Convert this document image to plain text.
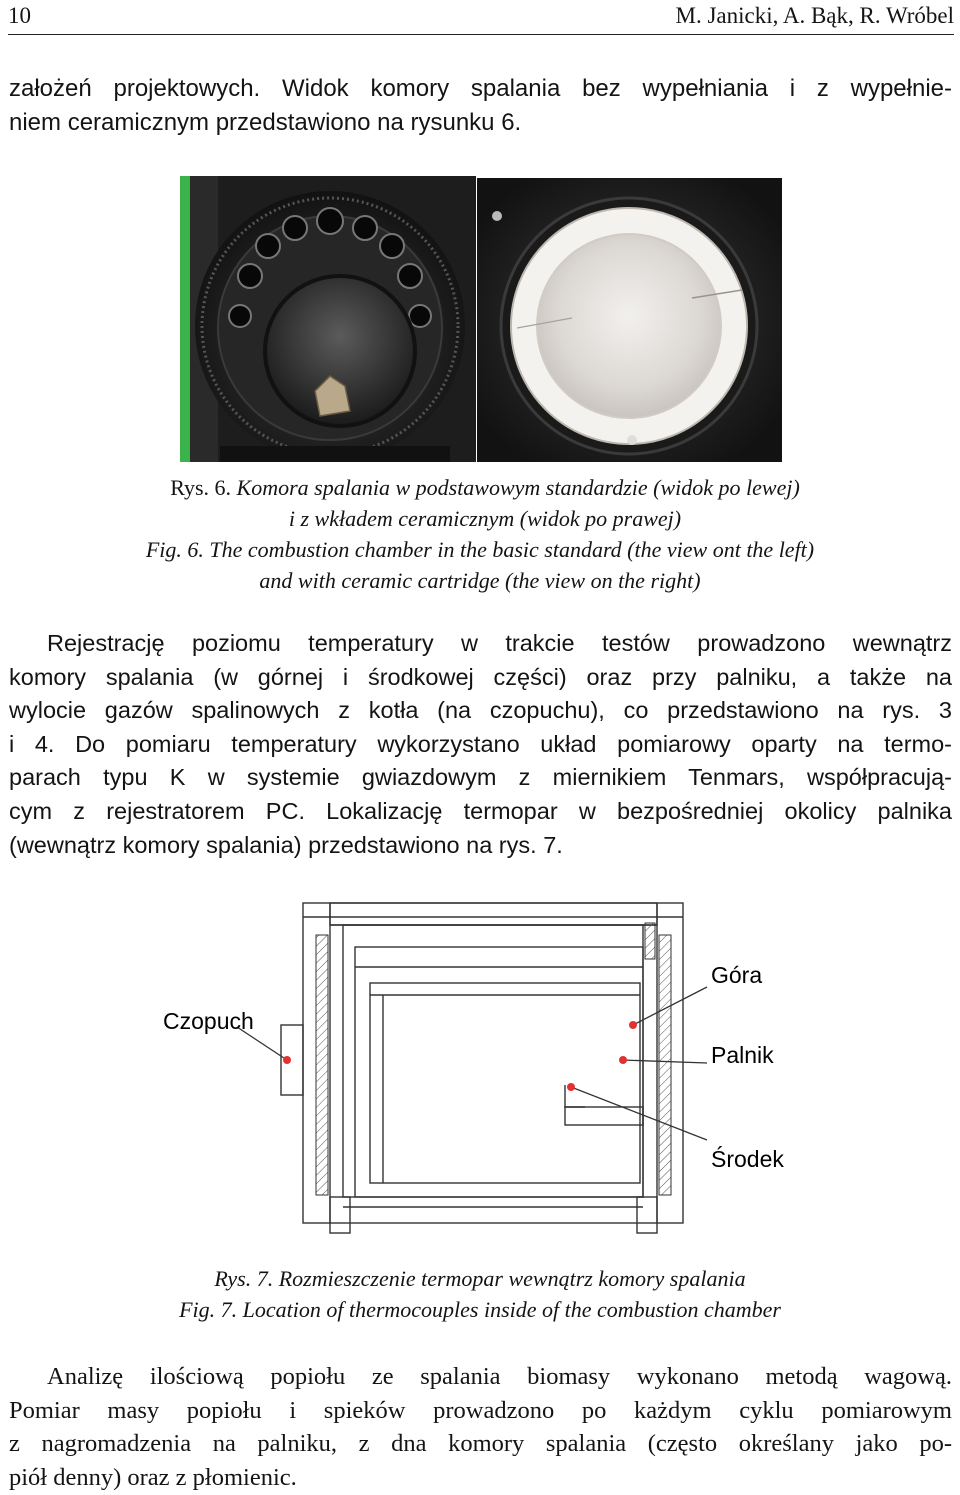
10	M. Janicki, A. Bąk, R. Wróbel
założeń projektowych. Widok komory spalania bez wypełniania i z wypełnie-
niem ceramicznym przedstawiono na rysunku 6.
Rys. 6. Komora spalania w podstawowym standardzie (widok po lewej)
i z wkładem ceramicznym (widok po prawej)
Fig. 6. The combustion chamber in the basic standard (the view ont the left)
and with ceramic cartridge (the view on the right)
Rejestrację poziomu temperatury w trakcie testów prowadzono wewnątrz
komory spalania (w górnej i środkowej części) oraz przy palniku, a także na
wylocie gazów spalinowych z kotła (na czopuchu), co przedstawiono na rys. 3
i 4. Do pomiaru temperatury wykorzystano układ pomiarowy oparty na termo-
parach typu K w systemie gwiazdowym z miernikiem Tenmars, współpracują-
cym z rejestratorem PC. Lokalizację termopar w bezpośredniej okolicy palnika
(wewnątrz komory spalania) przedstawiono na rys. 7.
Czopuch
Góra
Palnik
Środek
Rys. 7. Rozmieszczenie termopar wewnątrz komory spalania
Fig. 7. Location of thermocouples inside of the combustion chamber
Analizę ilościową popiołu ze spalania biomasy wykonano metodą wagową.
Pomiar masy popiołu i spieków prowadzono po każdym cyklu pomiarowym
z nagromadzenia na palniku, z dna komory spalania (często określany jako po-
piół denny) oraz z płomienic.
